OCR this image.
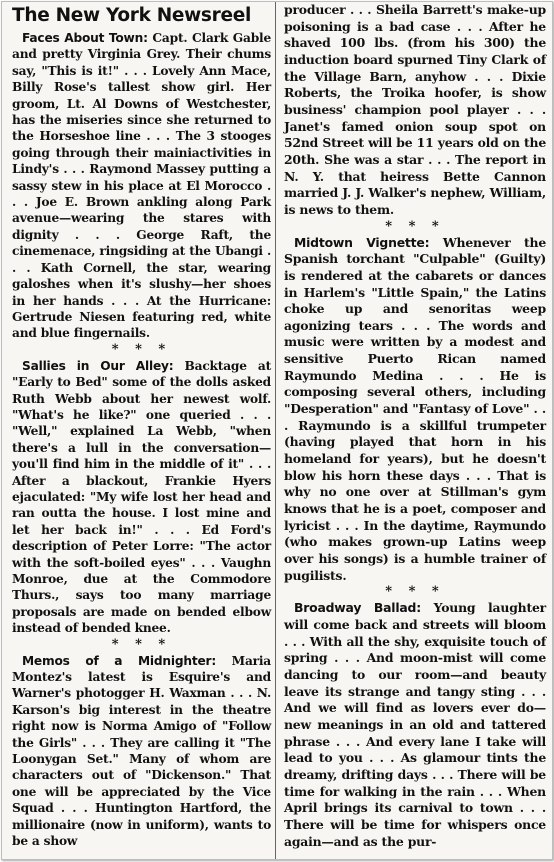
The New York Newsreel

Faces About Town: Capt. Clark Gable and pretty Virginia Grey. Their chums say, "This is it!" . . . Lovely Ann Mace, Billy Rose's tallest show girl. Her groom, Lt. Al Downs of Westchester, has the miseries since she returned to the Horseshoe line . . . The 3 stooges going through their mainiactivities in Lindy's . . . Raymond Massey putting a sassy stew in his place at El Morocco . . . Joe E. Brown ankling along Park avenue—wearing the stares with dignity . . . George Raft, the cinemenace, ringsiding at the Ubangi . . . Kath Cornell, the star, wearing galoshes when it's slushy—her shoes in her hands . . . At the Hurricane: Gertrude Niesen featuring red, white and blue fingernails.

* * *

Sallies in Our Alley: Backtage at "Early to Bed" some of the dolls asked Ruth Webb about her newest wolf. "What's he like?" one queried . . . "Well," explained La Webb, "when there's a lull in the conversation—you'll find him in the middle of it" . . . After a blackout, Frankie Hyers ejaculated: "My wife lost her head and ran outta the house. I lost mine and let her back in!" . . . Ed Ford's description of Peter Lorre: "The actor with the soft-boiled eyes" . . . Vaughn Monroe, due at the Commodore Thurs., says too many marriage proposals are made on bended elbow instead of bended knee.

* * *

Memos of a Midnighter: Maria Montez's latest is Esquire's and Warner's photogger H. Waxman . . . N. Karson's big interest in the theatre right now is Norma Amigo of "Follow the Girls" . . . They are calling it "The Loonygan Set." Many of whom are characters out of "Dickenson." That one will be appreciated by the Vice Squad . . . Huntington Hartford, the millionaire (now in uniform), wants to be a show

producer . . . Sheila Barrett's make-up poisoning is a bad case . . . After he shaved 100 lbs. (from his 300) the induction board spurned Tiny Clark of the Village Barn, anyhow . . . Dixie Roberts, the Troika hoofer, is show business' champion pool player . . . Janet's famed onion soup spot on 52nd Street will be 11 years old on the 20th. She was a star . . . The report in N. Y. that heiress Bette Cannon married J. J. Walker's nephew, William, is news to them.

* * *

Midtown Vignette: Whenever the Spanish torchant "Culpable" (Guilty) is rendered at the cabarets or dances in Harlem's "Little Spain," the Latins choke up and senoritas weep agonizing tears . . . The words and music were written by a modest and sensitive Puerto Rican named Raymundo Medina . . . He is composing several others, including "Desperation" and "Fantasy of Love" . . . Raymundo is a skillful trumpeter (having played that horn in his homeland for years), but he doesn't blow his horn these days . . . That is why no one over at Stillman's gym knows that he is a poet, composer and lyricist . . . In the daytime, Raymundo (who makes grown-up Latins weep over his songs) is a humble trainer of pugilists.

* * *

Broadway Ballad: Young laughter will come back and streets will bloom . . . With all the shy, exquisite touch of spring . . . And moon-mist will come dancing to our room—and beauty leave its strange and tangy sting . . . And we will find as lovers ever do—new meanings in an old and tattered phrase . . . And every lane I take will lead to you . . . As glamour tints the dreamy, drifting days . . . There will be time for walking in the rain . . . When April brings its carnival to town . . . There will be time for whispers once again—and as the pur-
